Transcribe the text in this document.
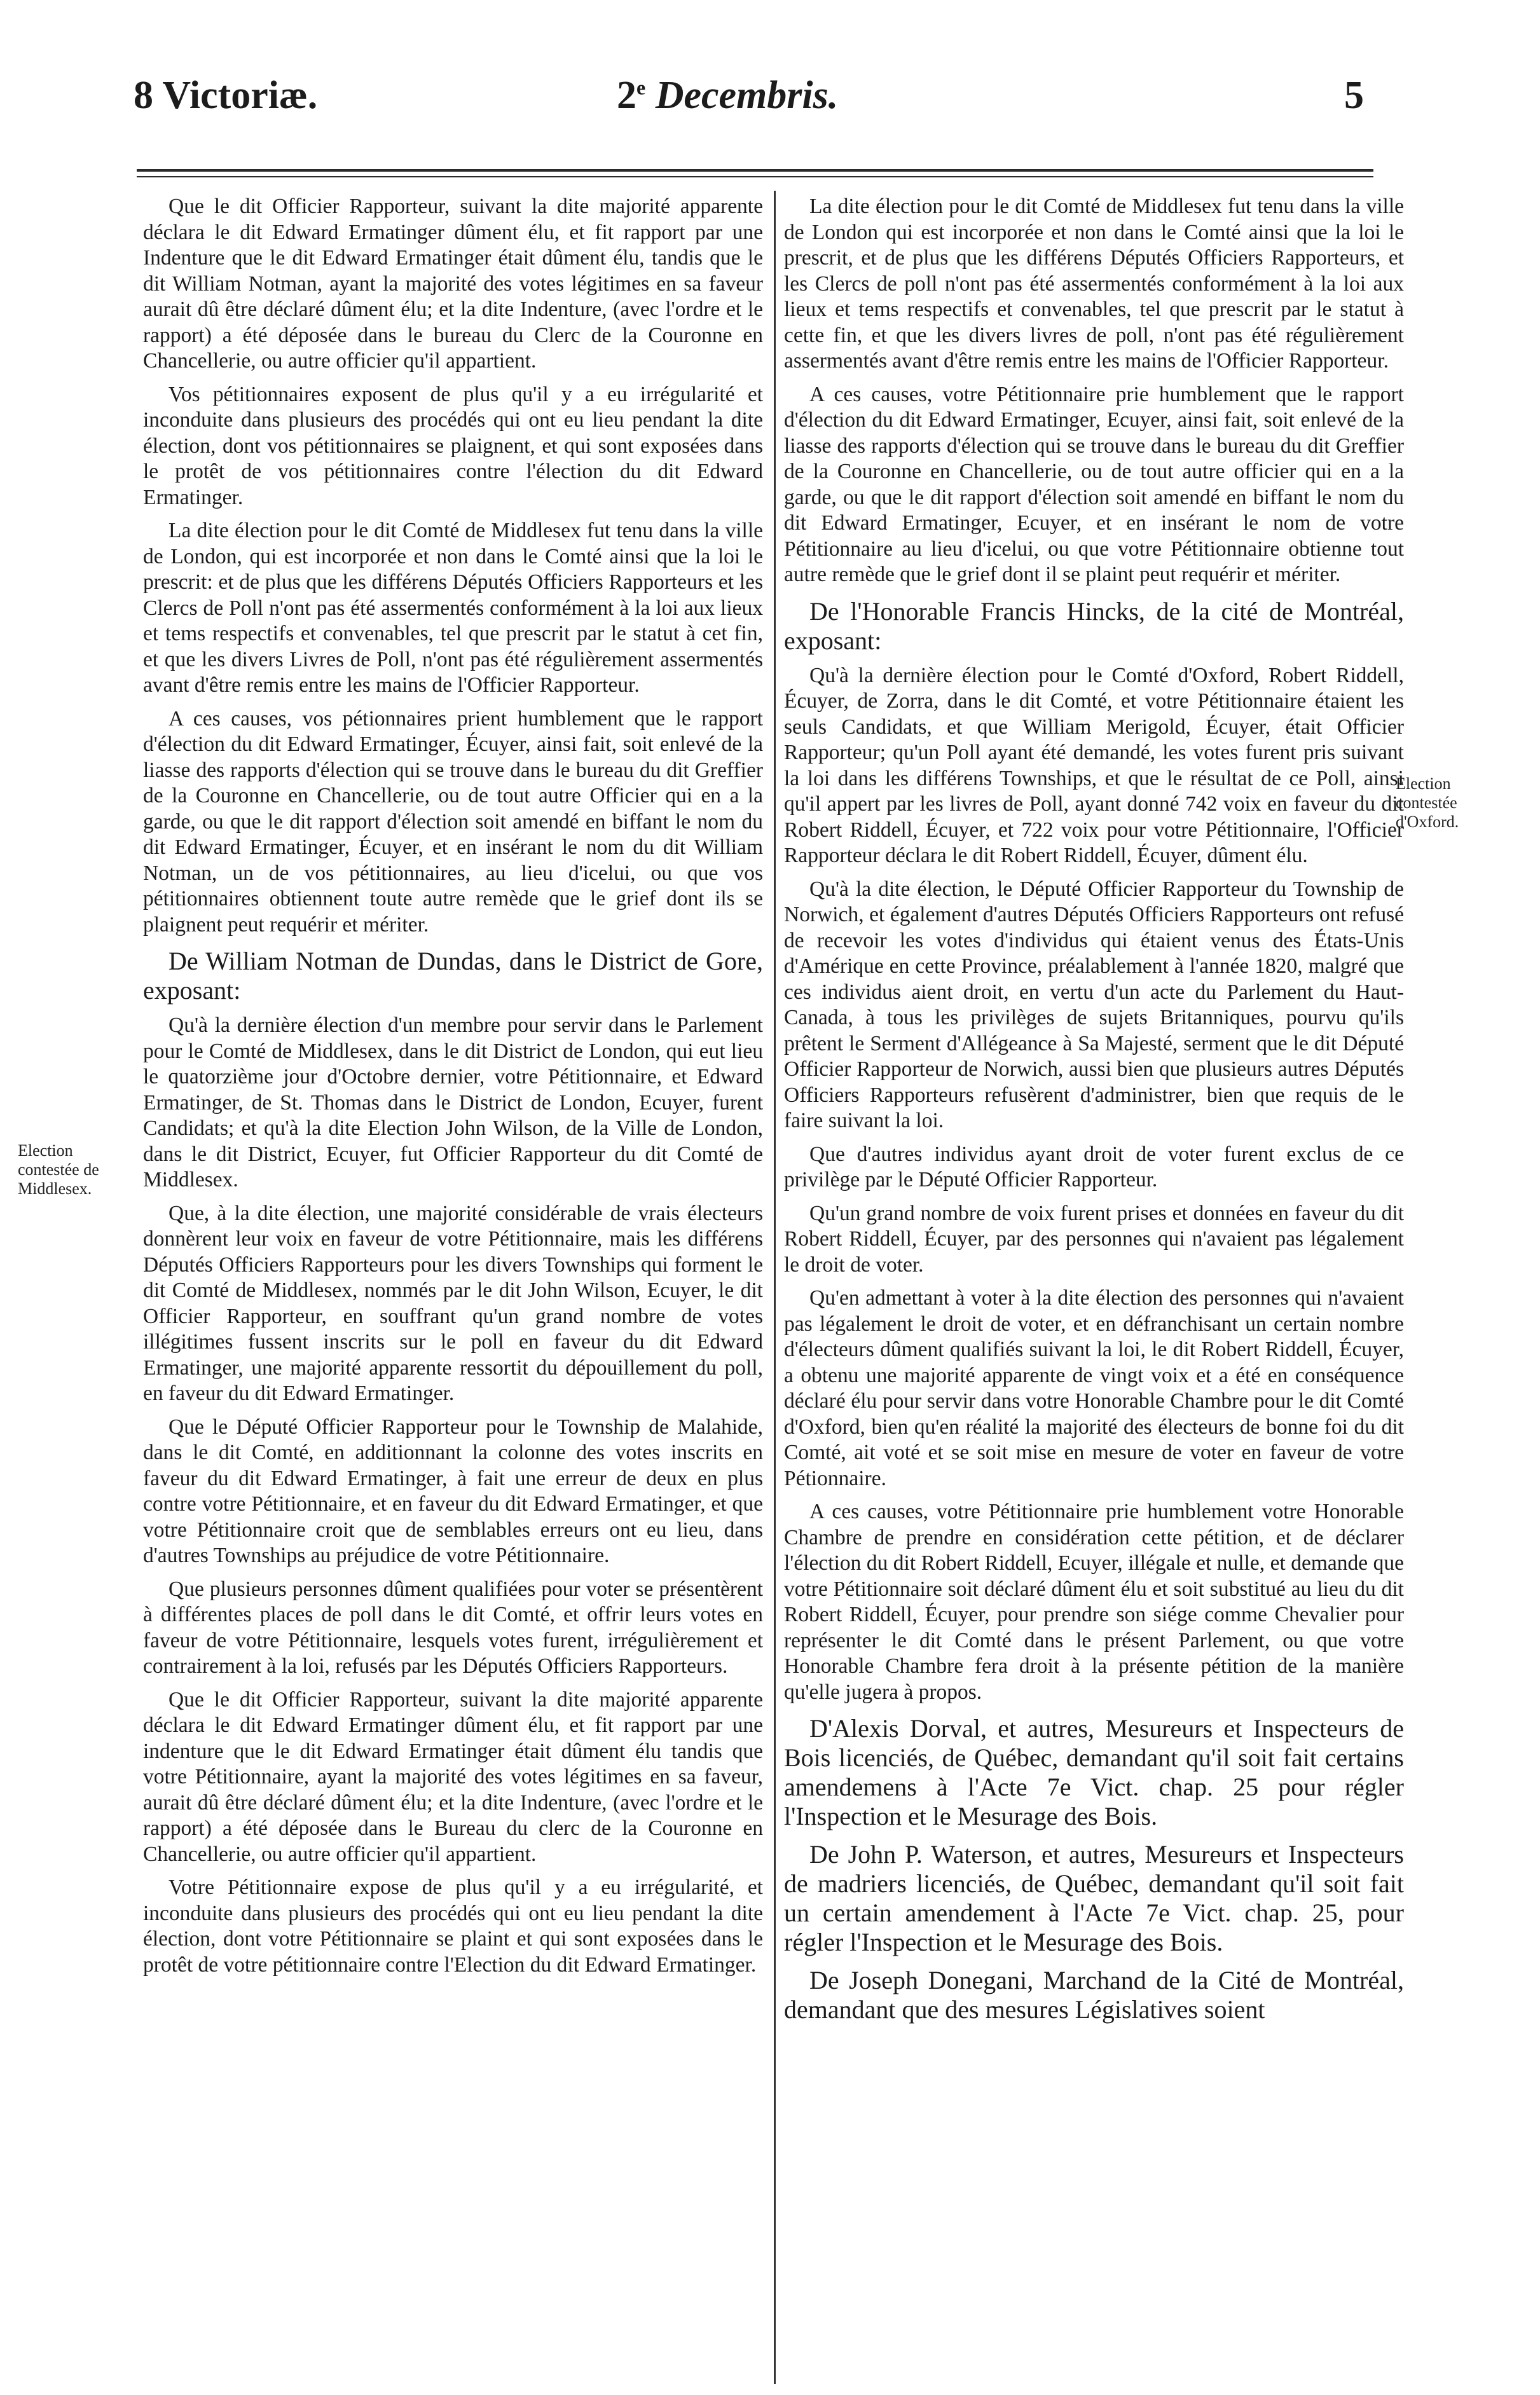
8 Victoriæ.	2e Decembris.	5

Que le dit Officier Rapporteur, suivant la dite majorité apparente déclara le dit Edward Ermatinger dûment élu, et fit rapport par une Indenture que le dit Edward Ermatinger était dûment élu, tandis que le dit William Notman, ayant la majorité des votes légitimes en sa faveur aurait dû être déclaré dûment élu; et la dite Indenture, (avec l'ordre et le rapport) a été déposée dans le bureau du Clerc de la Couronne en Chancellerie, ou autre officier qu'il appartient.

Vos pétitionnaires exposent de plus qu'il y a eu irrégularité et inconduite dans plusieurs des procédés qui ont eu lieu pendant la dite élection, dont vos pétitionnaires se plaignent, et qui sont exposées dans le protêt de vos pétitionnaires contre l'élection du dit Edward Ermatinger.

La dite élection pour le dit Comté de Middlesex fut tenu dans la ville de London, qui est incorporée et non dans le Comté ainsi que la loi le prescrit: et de plus que les différens Députés Officiers Rapporteurs et les Clercs de Poll n'ont pas été assermentés conformément à la loi aux lieux et tems respectifs et convenables, tel que prescrit par le statut à cet fin, et que les divers Livres de Poll, n'ont pas été régulièrement assermentés avant d'être remis entre les mains de l'Officier Rapporteur.

A ces causes, vos pétionnaires prient humblement que le rapport d'élection du dit Edward Ermatinger, Écuyer, ainsi fait, soit enlevé de la liasse des rapports d'élection qui se trouve dans le bureau du dit Greffier de la Couronne en Chancellerie, ou de tout autre Officier qui en a la garde, ou que le dit rapport d'élection soit amendé en biffant le nom du dit Edward Ermatinger, Écuyer, et en insérant le nom du dit William Notman, un de vos pétitionnaires, au lieu d'icelui, ou que vos pétitionnaires obtiennent toute autre remède que le grief dont ils se plaignent peut requérir et mériter.

De William Notman de Dundas, dans le District de Gore, exposant:

Qu'à la dernière élection d'un membre pour servir dans le Parlement pour le Comté de Middlesex, dans le dit District de London, qui eut lieu le quatorzième jour d'Octobre dernier, votre Pétitionnaire, et Edward Ermatinger, de St. Thomas dans le District de London, Ecuyer, furent Candidats; et qu'à la dite Election John Wilson, de la Ville de London, dans le dit District, Ecuyer, fut Officier Rapporteur du dit Comté de Middlesex.

Que, à la dite élection, une majorité considérable de vrais électeurs donnèrent leur voix en faveur de votre Pétitionnaire, mais les différens Députés Officiers Rapporteurs pour les divers Townships qui forment le dit Comté de Middlesex, nommés par le dit John Wilson, Ecuyer, le dit Officier Rapporteur, en souffrant qu'un grand nombre de votes illégitimes fussent inscrits sur le poll en faveur du dit Edward Ermatinger, une majorité apparente ressortit du dépouillement du poll, en faveur du dit Edward Ermatinger.

Que le Député Officier Rapporteur pour le Township de Malahide, dans le dit Comté, en additionnant la colonne des votes inscrits en faveur du dit Edward Ermatinger, à fait une erreur de deux en plus contre votre Pétitionnaire, et en faveur du dit Edward Ermatinger, et que votre Pétitionnaire croit que de semblables erreurs ont eu lieu, dans d'autres Townships au préjudice de votre Pétitionnaire.

Que plusieurs personnes dûment qualifiées pour voter se présentèrent à différentes places de poll dans le dit Comté, et offrir leurs votes en faveur de votre Pétitionnaire, lesquels votes furent, irrégulièrement et contrairement à la loi, refusés par les Députés Officiers Rapporteurs.

Que le dit Officier Rapporteur, suivant la dite majorité apparente déclara le dit Edward Ermatinger dûment élu, et fit rapport par une indenture que le dit Edward Ermatinger était dûment élu tandis que votre Pétitionnaire, ayant la majorité des votes légitimes en sa faveur, aurait dû être déclaré dûment élu; et la dite Indenture, (avec l'ordre et le rapport) a été déposée dans le Bureau du clerc de la Couronne en Chancellerie, ou autre officier qu'il appartient.

Votre Pétitionnaire expose de plus qu'il y a eu irrégularité, et inconduite dans plusieurs des procédés qui ont eu lieu pendant la dite élection, dont votre Pétitionnaire se plaint et qui sont exposées dans le protêt de votre pétitionnaire contre l'Election du dit Edward Ermatinger.

La dite élection pour le dit Comté de Middlesex fut tenu dans la ville de London qui est incorporée et non dans le Comté ainsi que la loi le prescrit, et de plus que les différens Députés Officiers Rapporteurs, et les Clercs de poll n'ont pas été assermentés conformément à la loi aux lieux et tems respectifs et convenables, tel que prescrit par le statut à cette fin, et que les divers livres de poll, n'ont pas été régulièrement assermentés avant d'être remis entre les mains de l'Officier Rapporteur.

A ces causes, votre Pétitionnaire prie humblement que le rapport d'élection du dit Edward Ermatinger, Ecuyer, ainsi fait, soit enlevé de la liasse des rapports d'élection qui se trouve dans le bureau du dit Greffier de la Couronne en Chancellerie, ou de tout autre officier qui en a la garde, ou que le dit rapport d'élection soit amendé en biffant le nom du dit Edward Ermatinger, Ecuyer, et en insérant le nom de votre Pétitionnaire au lieu d'icelui, ou que votre Pétitionnaire obtienne tout autre remède que le grief dont il se plaint peut requérir et mériter.

De l'Honorable Francis Hincks, de la cité de Montréal, exposant:

Qu'à la dernière élection pour le Comté d'Oxford, Robert Riddell, Écuyer, de Zorra, dans le dit Comté, et votre Pétitionnaire étaient les seuls Candidats, et que William Merigold, Écuyer, était Officier Rapporteur; qu'un Poll ayant été demandé, les votes furent pris suivant la loi dans les différens Townships, et que le résultat de ce Poll, ainsi qu'il appert par les livres de Poll, ayant donné 742 voix en faveur du dit Robert Riddell, Écuyer, et 722 voix pour votre Pétitionnaire, l'Officier Rapporteur déclara le dit Robert Riddell, Écuyer, dûment élu.

Qu'à la dite élection, le Député Officier Rapporteur du Township de Norwich, et également d'autres Députés Officiers Rapporteurs ont refusé de recevoir les votes d'individus qui étaient venus des États-Unis d'Amérique en cette Province, préalablement à l'année 1820, malgré que ces individus aient droit, en vertu d'un acte du Parlement du Haut-Canada, à tous les privilèges de sujets Britanniques, pourvu qu'ils prêtent le Serment d'Allégeance à Sa Majesté, serment que le dit Député Officier Rapporteur de Norwich, aussi bien que plusieurs autres Députés Officiers Rapporteurs refusèrent d'administrer, bien que requis de le faire suivant la loi.

Que d'autres individus ayant droit de voter furent exclus de ce privilège par le Député Officier Rapporteur.

Qu'un grand nombre de voix furent prises et données en faveur du dit Robert Riddell, Écuyer, par des personnes qui n'avaient pas légalement le droit de voter.

Qu'en admettant à voter à la dite élection des personnes qui n'avaient pas légalement le droit de voter, et en défranchisant un certain nombre d'électeurs dûment qualifiés suivant la loi, le dit Robert Riddell, Écuyer, a obtenu une majorité apparente de vingt voix et a été en conséquence déclaré élu pour servir dans votre Honorable Chambre pour le dit Comté d'Oxford, bien qu'en réalité la majorité des électeurs de bonne foi du dit Comté, ait voté et se soit mise en mesure de voter en faveur de votre Pétionnaire.

A ces causes, votre Pétitionnaire prie humblement votre Honorable Chambre de prendre en considération cette pétition, et de déclarer l'élection du dit Robert Riddell, Ecuyer, illégale et nulle, et demande que votre Pétitionnaire soit déclaré dûment élu et soit substitué au lieu du dit Robert Riddell, Écuyer, pour prendre son siége comme Chevalier pour représenter le dit Comté dans le présent Parlement, ou que votre Honorable Chambre fera droit à la présente pétition de la manière qu'elle jugera à propos.

D'Alexis Dorval, et autres, Mesureurs et Inspecteurs de Bois licenciés, de Québec, demandant qu'il soit fait certains amendemens à l'Acte 7e Vict. chap. 25 pour régler l'Inspection et le Mesurage des Bois.

De John P. Waterson, et autres, Mesureurs et Inspecteurs de madriers licenciés, de Québec, demandant qu'il soit fait un certain amendement à l'Acte 7e Vict. chap. 25, pour régler l'Inspection et le Mesurage des Bois.

De Joseph Donegani, Marchand de la Cité de Montréal, demandant que des mesures Législatives soient

Election contestée de Middlesex.
Election contestée d'Oxford.
